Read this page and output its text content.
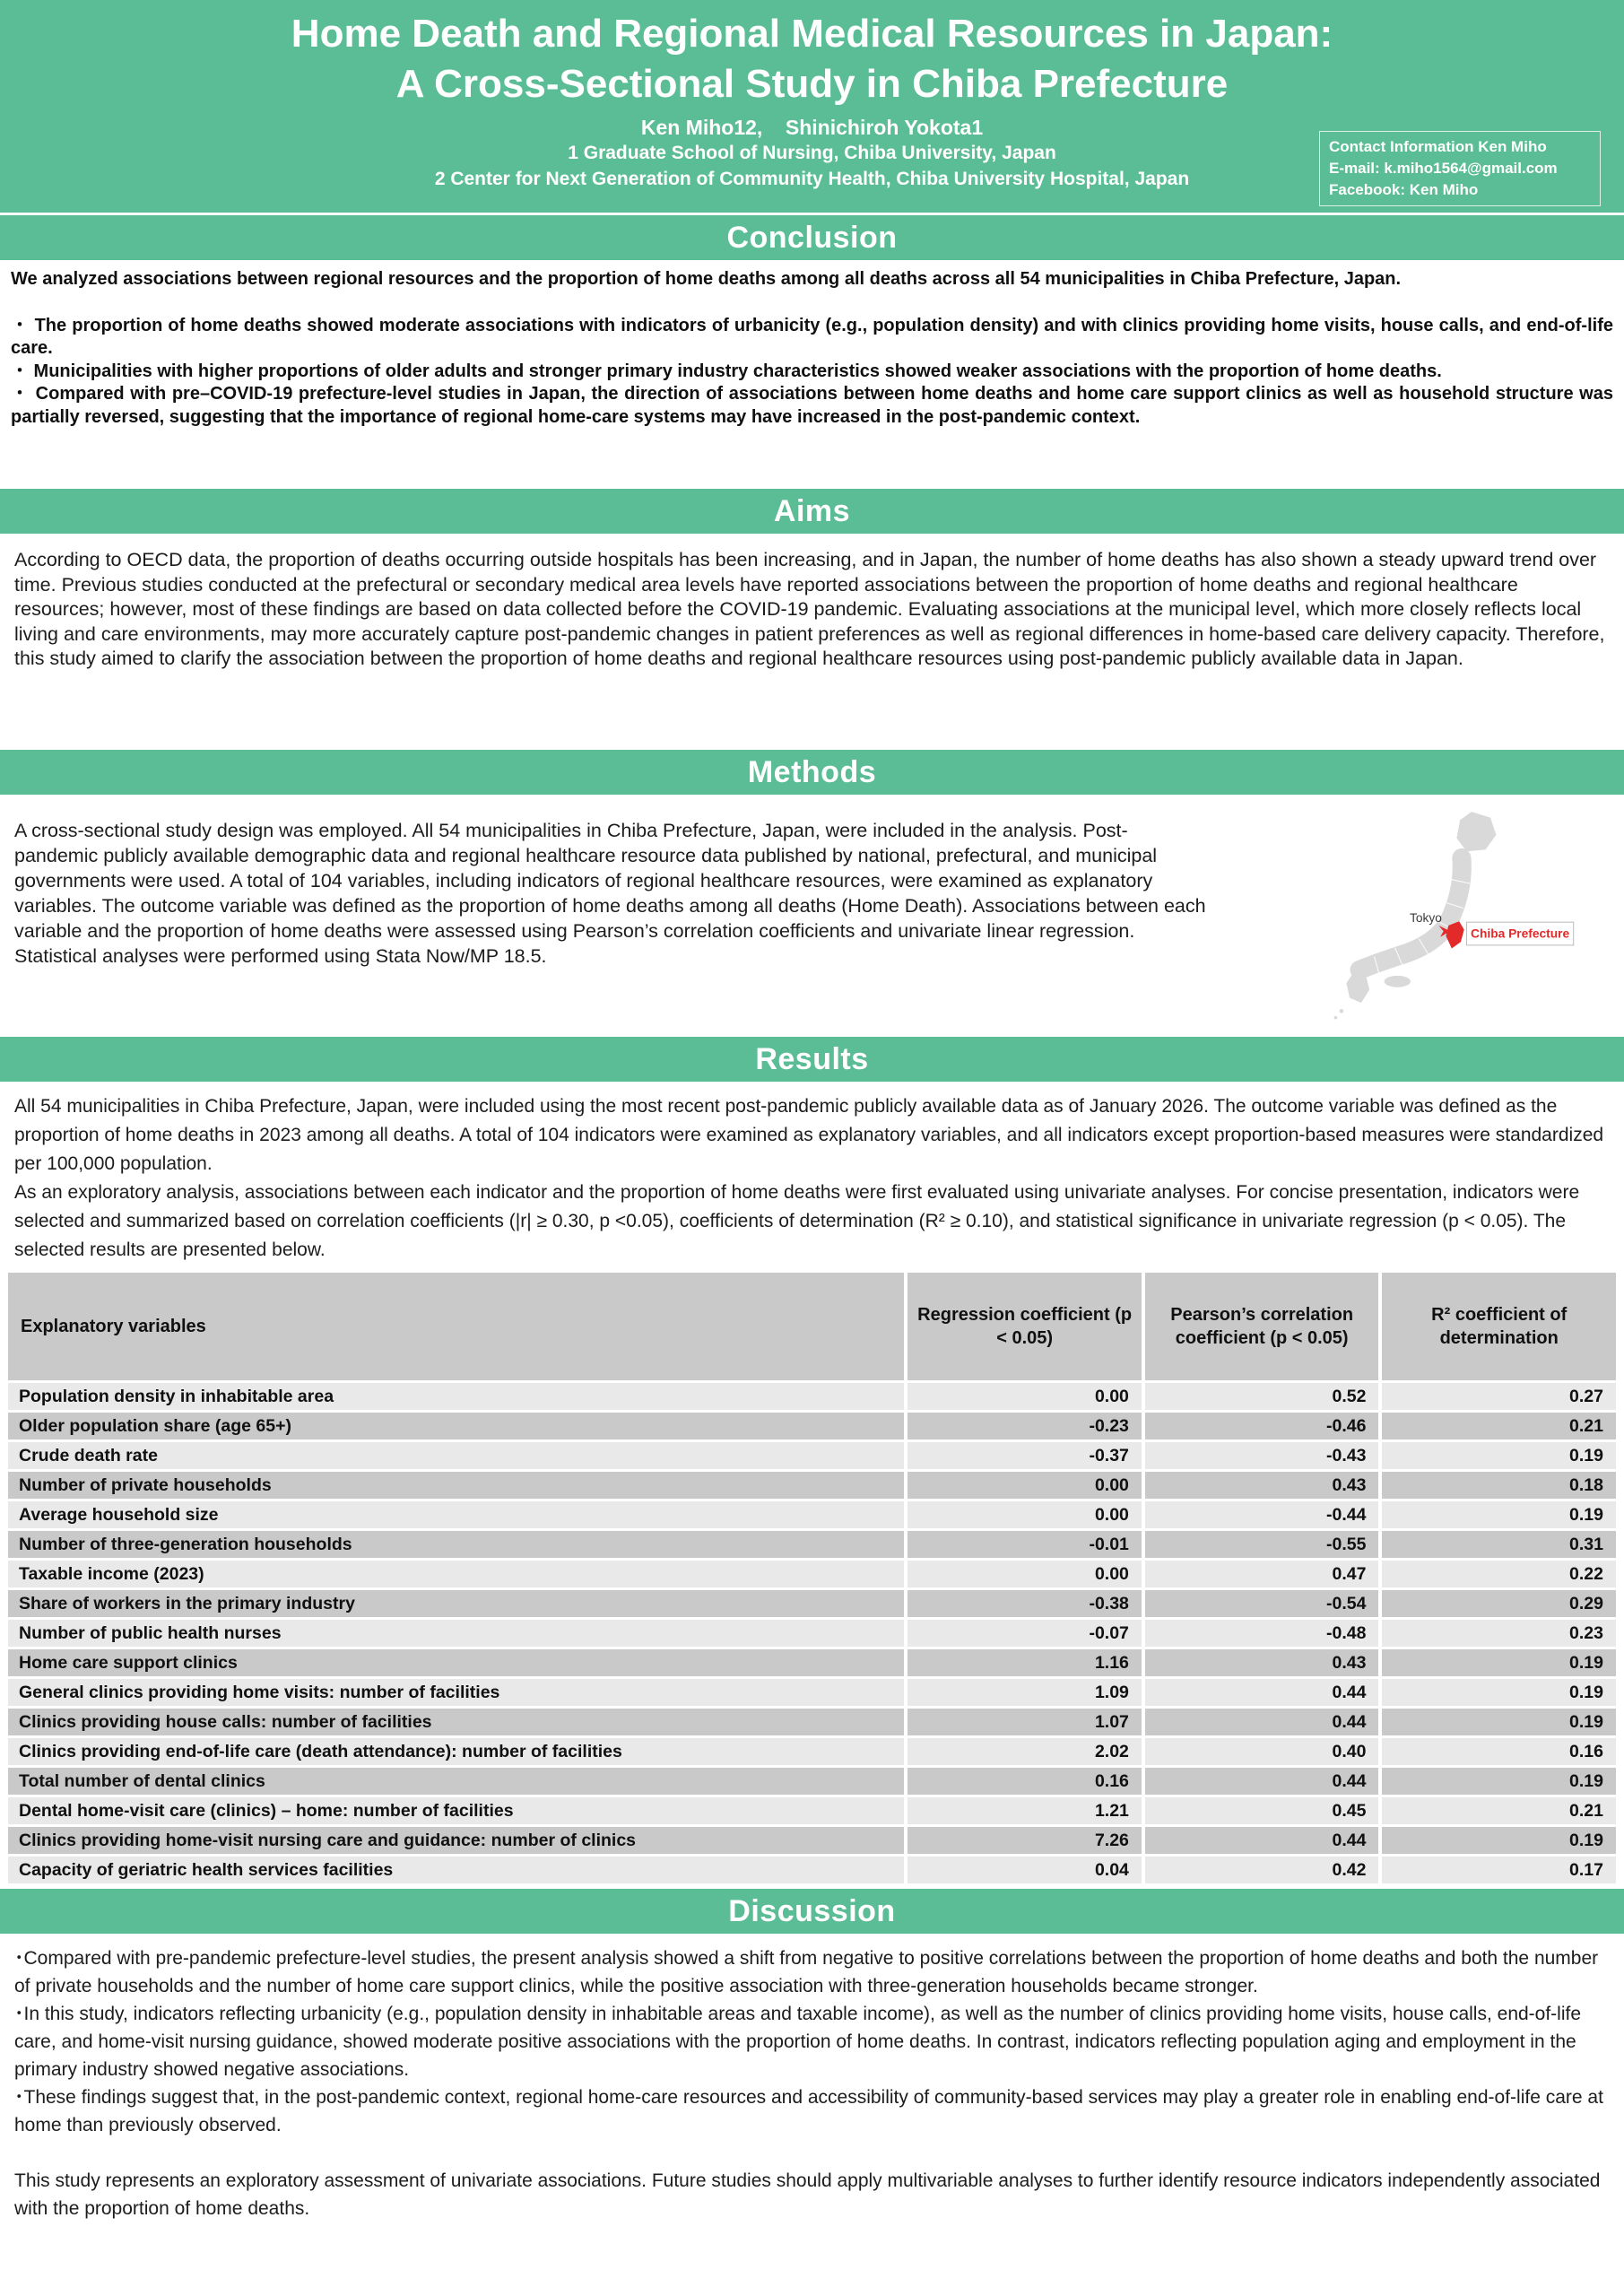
Home Death and Regional Medical Resources in Japan:
A Cross-Sectional Study in Chiba Prefecture
Ken Miho12,    Shinichiroh Yokota1
1 Graduate School of Nursing, Chiba University, Japan
2 Center for Next Generation of Community Health, Chiba University Hospital, Japan
Contact Information Ken Miho
E-mail: k.miho1564@gmail.com
Facebook: Ken Miho
Conclusion

We analyzed associations between regional resources and the proportion of home deaths among all deaths across all 54 municipalities in Chiba Prefecture, Japan.

・ The proportion of home deaths showed moderate associations with indicators of urbanicity (e.g., population density) and with clinics providing home visits, house calls, and end-of-life care.

・ Municipalities with higher proportions of older adults and stronger primary industry characteristics showed weaker associations with the proportion of home deaths.

・ Compared with pre–COVID-19 prefecture-level studies in Japan, the direction of associations between home deaths and home care support clinics as well as household structure was partially reversed, suggesting that the importance of regional home-care systems may have increased in the post-pandemic context.

Aims

According to OECD data, the proportion of deaths occurring outside hospitals has been increasing, and in Japan, the number of home deaths has also shown a steady upward trend over time. Previous studies conducted at the prefectural or secondary medical area levels have reported associations between the proportion of home deaths and regional healthcare resources; however, most of these findings are based on data collected before the COVID-19 pandemic. Evaluating associations at the municipal level, which more closely reflects local living and care environments, may more accurately capture post-pandemic changes in patient preferences as well as regional differences in home-based care delivery capacity. Therefore, this study aimed to clarify the association between the proportion of home deaths and regional healthcare resources using post-pandemic publicly available data in Japan.

Methods

A cross-sectional study design was employed. All 54 municipalities in Chiba Prefecture, Japan, were included in the analysis. Post-pandemic publicly available demographic data and regional healthcare resource data published by national, prefectural, and municipal governments were used. A total of 104 variables, including indicators of regional healthcare resources, were examined as explanatory variables. The outcome variable was defined as the proportion of home deaths among all deaths (Home Death). Associations between each variable and the proportion of home deaths were assessed using Pearson’s correlation coefficients and univariate linear regression. Statistical analyses were performed using Stata Now/MP 18.5.

Tokyo
Chiba Prefecture
Results

All 54 municipalities in Chiba Prefecture, Japan, were included using the most recent post-pandemic publicly available data as of January 2026. The outcome variable was defined as the proportion of home deaths in 2023 among all deaths. A total of 104 indicators were examined as explanatory variables, and all indicators except proportion-based measures were standardized per 100,000 population.

As an exploratory analysis, associations between each indicator and the proportion of home deaths were first evaluated using univariate analyses. For concise presentation, indicators were selected and summarized based on correlation coefficients (|r| ≥ 0.30, p <0.05), coefficients of determination (R² ≥ 0.10), and statistical significance in univariate regression (p < 0.05). The selected results are presented below.

Explanatory variables	Regression coefficient (p < 0.05)	Pearson’s correlation coefficient (p < 0.05)	R² coefficient of determination
Population density in inhabitable area	0.00	0.52	0.27
Older population share (age 65+)	-0.23	-0.46	0.21
Crude death rate	-0.37	-0.43	0.19
Number of private households	0.00	0.43	0.18
Average household size	0.00	-0.44	0.19
Number of three-generation households	-0.01	-0.55	0.31
Taxable income (2023)	0.00	0.47	0.22
Share of workers in the primary industry	-0.38	-0.54	0.29
Number of public health nurses	-0.07	-0.48	0.23
Home care support clinics	1.16	0.43	0.19
General clinics providing home visits: number of facilities	1.09	0.44	0.19
Clinics providing house calls: number of facilities	1.07	0.44	0.19
Clinics providing end-of-life care (death attendance): number of facilities	2.02	0.40	0.16
Total number of dental clinics	0.16	0.44	0.19
Dental home-visit care (clinics) – home: number of facilities	1.21	0.45	0.21
Clinics providing home-visit nursing care and guidance: number of clinics	7.26	0.44	0.19
Capacity of geriatric health services facilities	0.04	0.42	0.17
Discussion

･Compared with pre-pandemic prefecture-level studies, the present analysis showed a shift from negative to positive correlations between the proportion of home deaths and both the number of private households and the number of home care support clinics, while the positive association with three-generation households became stronger.

･In this study, indicators reflecting urbanicity (e.g., population density in inhabitable areas and taxable income), as well as the number of clinics providing home visits, house calls, end-of-life care, and home-visit nursing guidance, showed moderate positive associations with the proportion of home deaths. In contrast, indicators reflecting population aging and employment in the primary industry showed negative associations.

･These findings suggest that, in the post-pandemic context, regional home-care resources and accessibility of community-based services may play a greater role in enabling end-of-life care at home than previously observed.

This study represents an exploratory assessment of univariate associations. Future studies should apply multivariable analyses to further identify resource indicators independently associated with the proportion of home deaths.
